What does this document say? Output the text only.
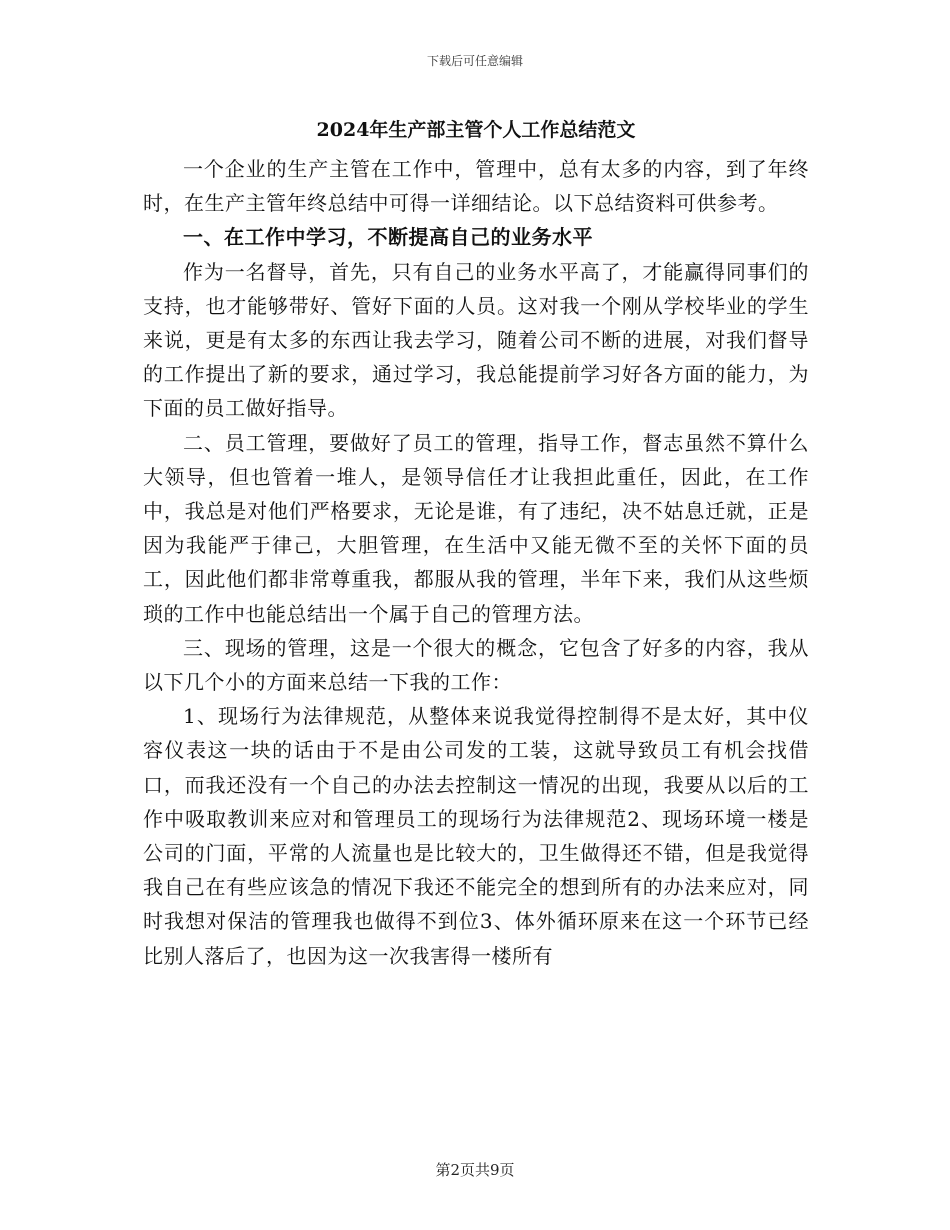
下载后可任意编辑
2024年生产部主管个人工作总结范文

一个企业的生产主管在工作中，管理中，总有太多的内容，到了年终时，在生产主管年终总结中可得一详细结论。以下总结资料可供参考。

一、在工作中学习，不断提高自己的业务水平

作为一名督导，首先，只有自己的业务水平高了，才能赢得同事们的支持，也才能够带好、管好下面的人员。这对我一个刚从学校毕业的学生来说，更是有太多的东西让我去学习，随着公司不断的进展，对我们督导的工作提出了新的要求，通过学习，我总能提前学习好各方面的能力，为下面的员工做好指导。

二、员工管理，要做好了员工的管理，指导工作，督志虽然不算什么大领导，但也管着一堆人，是领导信任才让我担此重任，因此，在工作中，我总是对他们严格要求，无论是谁，有了违纪，决不姑息迁就，正是因为我能严于律己，大胆管理，在生活中又能无微不至的关怀下面的员工，因此他们都非常尊重我，都服从我的管理，半年下来，我们从这些烦琐的工作中也能总结出一个属于自己的管理方法。

三、现场的管理，这是一个很大的概念，它包含了好多的内容，我从以下几个小的方面来总结一下我的工作：

1、现场行为法律规范，从整体来说我觉得控制得不是太好，其中仪容仪表这一块的话由于不是由公司发的工装，这就导致员工有机会找借口，而我还没有一个自己的办法去控制这一情况的出现，我要从以后的工作中吸取教训来应对和管理员工的现场行为法律规范2、现场环境一楼是公司的门面，平常的人流量也是比较大的，卫生做得还不错，但是我觉得我自己在有些应该急的情况下我还不能完全的想到所有的办法来应对，同时我想对保洁的管理我也做得不到位3、体外循环原来在这一个环节已经比别人落后了，也因为这一次我害得一楼所有

第2页共9页
